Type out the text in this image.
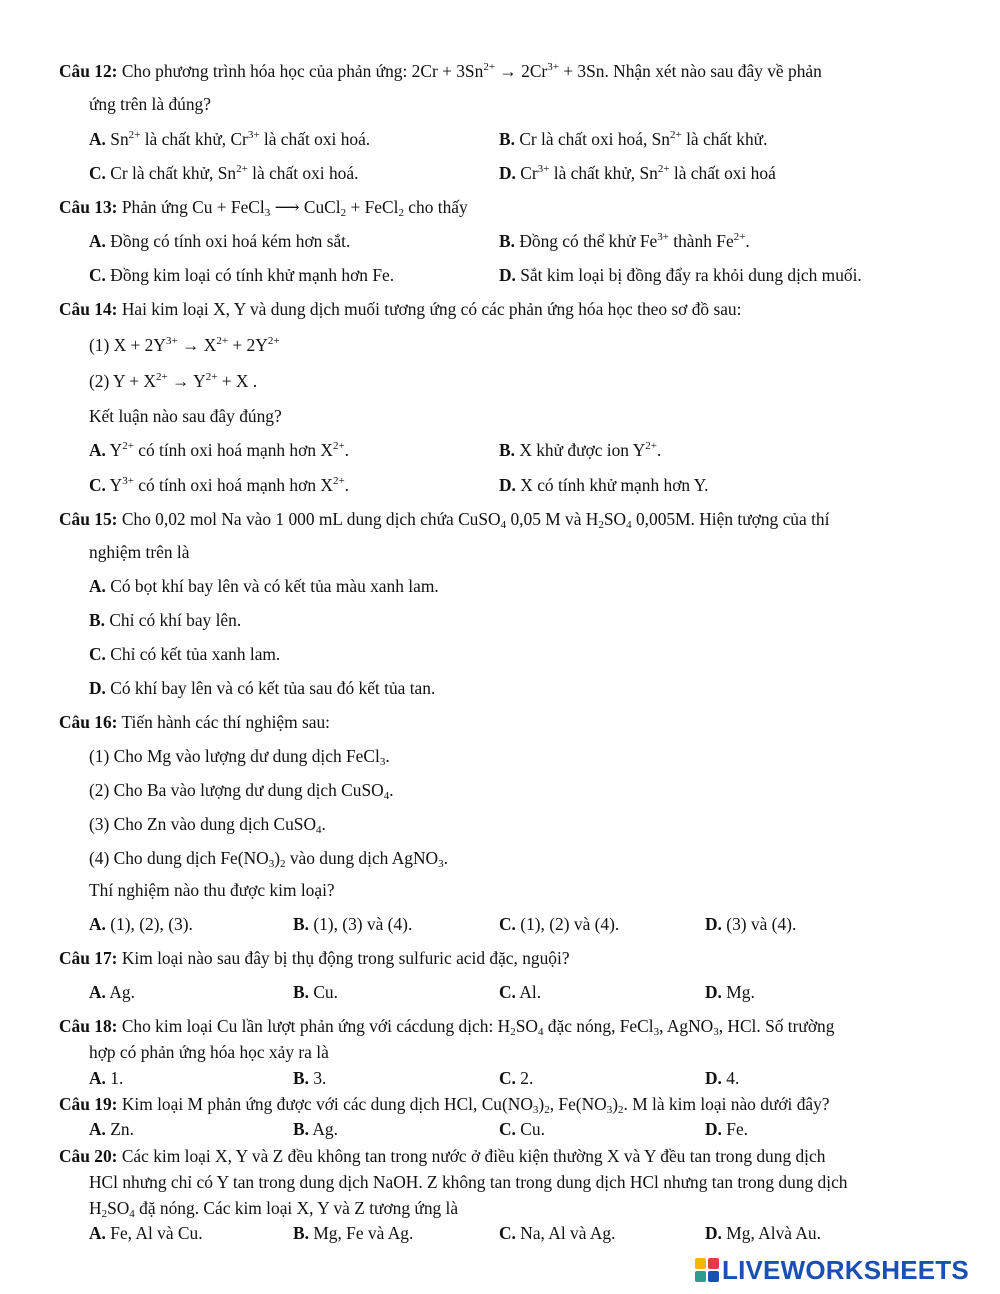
Câu 12: Cho phương trình hóa học của phản ứng: $2Cr + 3Sn^{2+} \to 2Cr^{3+} + 3Sn$. Nhận xét nào sau đây về phản
ứng trên là đúng?
A. $Sn^{2+}$ là chất khử, $Cr^{3+}$ là chất oxi hoá.	B. Cr là chất oxi hoá, $Sn^{2+}$ là chất khử.
C. Cr là chất khử, $Sn^{2+}$ là chất oxi hoá.	D. $Cr^{3+}$ là chất khử, $Sn^{2+}$ là chất oxi hoá
Câu 13: Phản ứng Cu + FeCl$_3$ ⟶ CuCl$_2$ + FeCl$_2$ cho thấy
A. Đồng có tính oxi hoá kém hơn sắt.	B. Đồng có thể khử $Fe^{3+}$ thành $Fe^{2+}$.
C. Đồng kim loại có tính khử mạnh hơn Fe.	D. Sắt kim loại bị đồng đẩy ra khỏi dung dịch muối.
Câu 14: Hai kim loại X, Y và dung dịch muối tương ứng có các phản ứng hóa học theo sơ đồ sau:
(1) $X + 2Y^{3+} \to X^{2+} + 2Y^{2+}$
(2) $Y + X^{2+} \to Y^{2+} + X$ .
Kết luận nào sau đây đúng?
A. $Y^{2+}$ có tính oxi hoá mạnh hơn $X^{2+}$.	B. X khử được ion $Y^{2+}$.
C. $Y^{3+}$ có tính oxi hoá mạnh hơn $X^{2+}$.	D. X có tính khử mạnh hơn Y.
Câu 15: Cho 0,02 mol Na vào 1 000 mL dung dịch chứa CuSO$_4$ 0,05 M và $H_2SO_4$ 0,005M. Hiện tượng của thí
nghiệm trên là
A. Có bọt khí bay lên và có kết tủa màu xanh lam.
B. Chỉ có khí bay lên.
C. Chỉ có kết tủa xanh lam.
D. Có khí bay lên và có kết tủa sau đó kết tủa tan.
Câu 16: Tiến hành các thí nghiệm sau:
(1) Cho Mg vào lượng dư dung dịch FeCl$_3$.
(2) Cho Ba vào lượng dư dung dịch CuSO$_4$.
(3) Cho Zn vào dung dịch CuSO$_4$.
(4) Cho dung dịch $Fe(NO_3)_2$ vào dung dịch AgNO$_3$.
Thí nghiệm nào thu được kim loại?
A. (1), (2), (3).	B. (1), (3) và (4).	C. (1), (2) và (4).	D. (3) và (4).
Câu 17: Kim loại nào sau đây bị thụ động trong sulfuric acid đặc, nguội?
A. Ag.	B. Cu.	C. Al.	D. Mg.
Câu 18: Cho kim loại Cu lần lượt phản ứng với cácdung dịch: $H_2SO_4$ đặc nóng, FeCl$_3$, AgNO$_3$, HCl. Số trường
hợp có phản ứng hóa học xảy ra là
A. 1.	B. 3.	C. 2.	D. 4.
Câu 19: Kim loại M phản ứng được với các dung dịch HCl, $Cu(NO_3)_2$, $Fe(NO_3)_2$. M là kim loại nào dưới đây?
A. Zn.	B. Ag.	C. Cu.	D. Fe.
Câu 20: Các kim loại X, Y và Z đều không tan trong nước ở điều kiện thường X và Y đều tan trong dung dịch
HCl nhưng chỉ có Y tan trong dung dịch NaOH. Z không tan trong dung dịch HCl nhưng tan trong dung dịch
$H_2SO_4$ đặ nóng. Các kim loại X, Y và Z tương ứng là
A. Fe, Al và Cu.	B. Mg, Fe và Ag.	C. Na, Al và Ag.	D. Mg, Alvà Au.
LIVEWORKSHEETS
